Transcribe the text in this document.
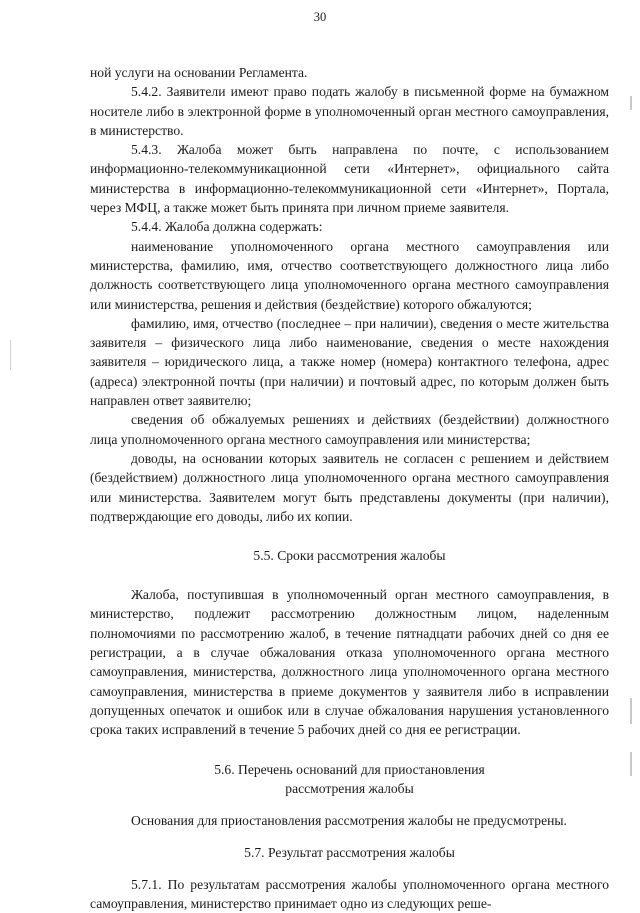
30

ной услуги на основании Регламента.

5.4.2. Заявители имеют право подать жалобу в письменной форме на бумажном носителе либо в электронной форме в уполномоченный орган местного самоуправления, в министерство.

5.4.3. Жалоба может быть направлена по почте, с использованием информационно-телекоммуникационной сети «Интернет», официального сайта министерства в информационно-телекоммуникационной сети «Интернет», Портала, через МФЦ, а также может быть принята при личном приеме заявителя.

5.4.4. Жалоба должна содержать:

наименование уполномоченного органа местного самоуправления или министерства, фамилию, имя, отчество соответствующего должностного лица либо должность соответствующего лица уполномоченного органа местного самоуправления или министерства, решения и действия (бездействие) которого обжалуются;

фамилию, имя, отчество (последнее – при наличии), сведения о месте жительства заявителя – физического лица либо наименование, сведения о месте нахождения заявителя – юридического лица, а также номер (номера) контактного телефона, адрес (адреса) электронной почты (при наличии) и почтовый адрес, по которым должен быть направлен ответ заявителю;

сведения об обжалуемых решениях и действиях (бездействии) должностного лица уполномоченного органа местного самоуправления или министерства;

доводы, на основании которых заявитель не согласен с решением и действием (бездействием) должностного лица уполномоченного органа местного самоуправления или министерства. Заявителем могут быть представлены документы (при наличии), подтверждающие его доводы, либо их копии.

5.5. Сроки рассмотрения жалобы

Жалоба, поступившая в уполномоченный орган местного самоуправления, в министерство, подлежит рассмотрению должностным лицом, наделенным полномочиями по рассмотрению жалоб, в течение пятнадцати рабочих дней со дня ее регистрации, а в случае обжалования отказа уполномоченного органа местного самоуправления, министерства, должностного лица уполномоченного органа местного самоуправления, министерства в приеме документов у заявителя либо в исправлении допущенных опечаток и ошибок или в случае обжалования нарушения установленного срока таких исправлений в течение 5 рабочих дней со дня ее регистрации.

5.6. Перечень оснований для приостановления

рассмотрения жалобы

Основания для приостановления рассмотрения жалобы не предусмотрены.

5.7. Результат рассмотрения жалобы

5.7.1. По результатам рассмотрения жалобы уполномоченного органа местного самоуправления, министерство принимает одно из следующих реше-
